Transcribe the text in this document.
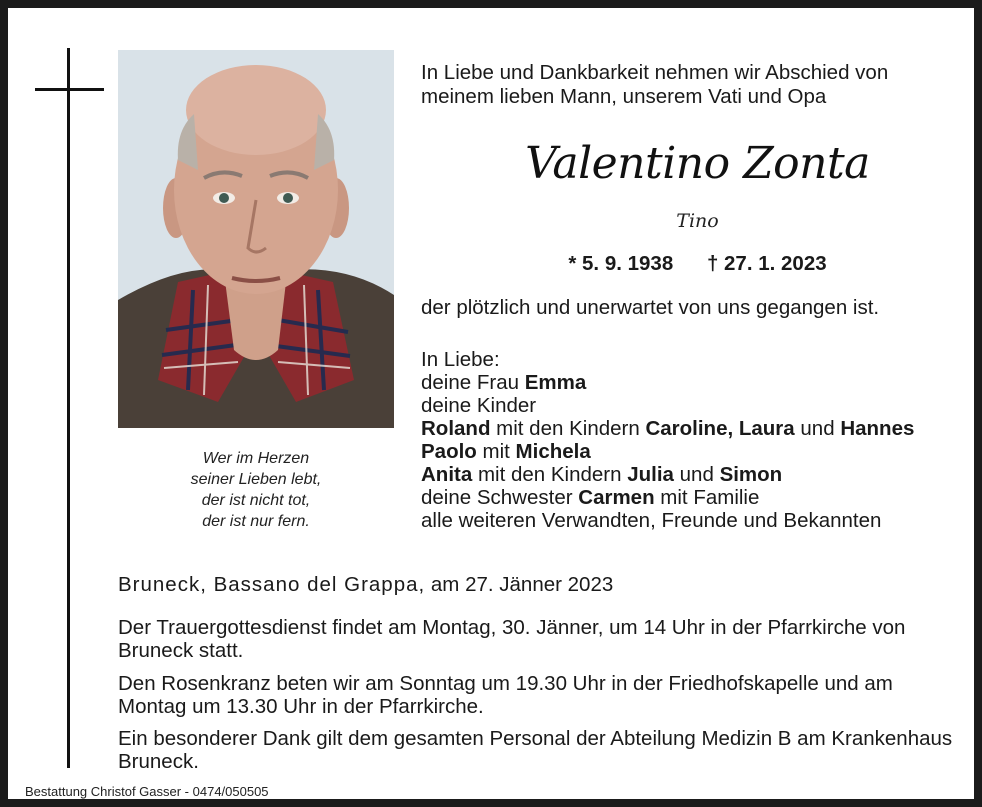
Wer im Herzen
seiner Lieben lebt,
der ist nicht tot,
der ist nur fern.
In Liebe und Dankbarkeit nehmen wir Abschied von
meinem lieben Mann, unserem Vati und Opa
Valentino Zonta
Tino
* 5. 9. 1938 † 27. 1. 2023
der plötzlich und unerwartet von uns gegangen ist.
In Liebe:
deine Frau Emma
deine Kinder
Roland mit den Kindern Caroline, Laura und Hannes
Paolo mit Michela
Anita mit den Kindern Julia und Simon
deine Schwester Carmen mit Familie
alle weiteren Verwandten, Freunde und Bekannten
Bruneck, Bassano del Grappa, am 27. Jänner 2023
Der Trauergottesdienst findet am Montag, 30. Jänner, um 14 Uhr in der Pfarrkirche von Bruneck statt.
Den Rosenkranz beten wir am Sonntag um 19.30 Uhr in der Friedhofskapelle und am Montag um 13.30 Uhr in der Pfarrkirche.
Ein besonderer Dank gilt dem gesamten Personal der Abteilung Medizin B am Krankenhaus Bruneck.
Bestattung Christof Gasser - 0474/050505
